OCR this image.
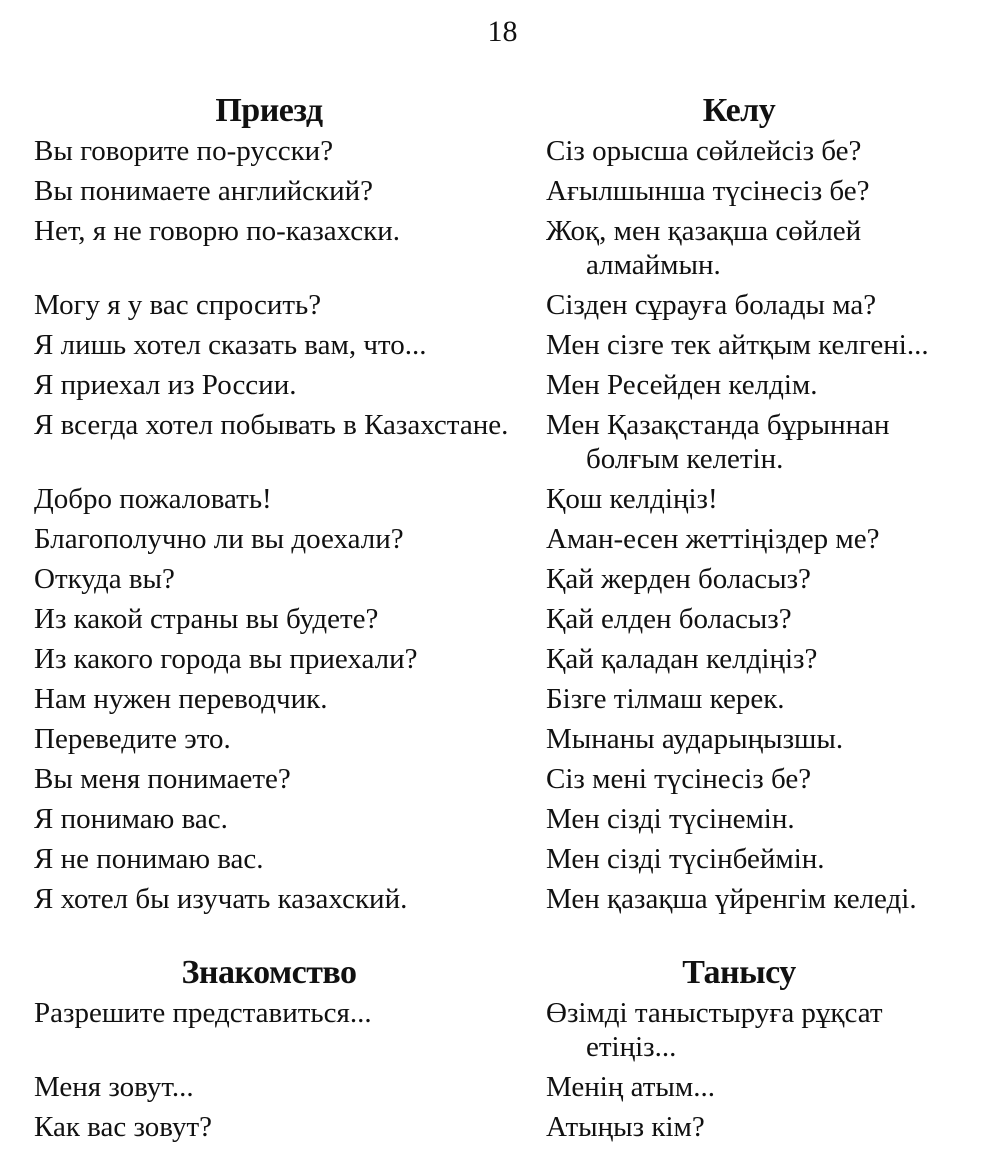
18
Приезд	Келу
Вы говорите по-русски?	Сіз орысша сөйлейсіз бе?
Вы понимаете английский?	Ағылшынша түсінесіз бе?
Нет, я не говорю по-казахски.	Жоқ, мен қазақша сөйлей алмаймын.
Могу я у вас спросить?	Сізден сұрауға болады ма?
Я лишь хотел сказать вам, что...	Мен сізге тек айтқым келгені...
Я приехал из России.	Мен Ресейден келдім.
Я всегда хотел побывать в Казахстане.	Мен Қазақстанда бұрыннан болғым келетін.
Добро пожаловать!	Қош келдіңіз!
Благополучно ли вы доехали?	Аман-есен жеттіңіздер ме?
Откуда вы?	Қай жерден боласыз?
Из какой страны вы будете?	Қай елден боласыз?
Из какого города вы приехали?	Қай қаладан келдіңіз?
Нам нужен переводчик.	Бізге тілмаш керек.
Переведите это.	Мынаны аударыңызшы.
Вы меня понимаете?	Сіз мені түсінесіз бе?
Я понимаю вас.	Мен сізді түсінемін.
Я не понимаю вас.	Мен сізді түсінбеймін.
Я хотел бы изучать казахский.	Мен қазақша үйренгім келеді.
Знакомство	Танысу
Разрешите представиться...	Өзімді таныстыруға рұқсат етіңіз...
Меня зовут...	Менің атым...
Как вас зовут?	Атыңыз кім?
